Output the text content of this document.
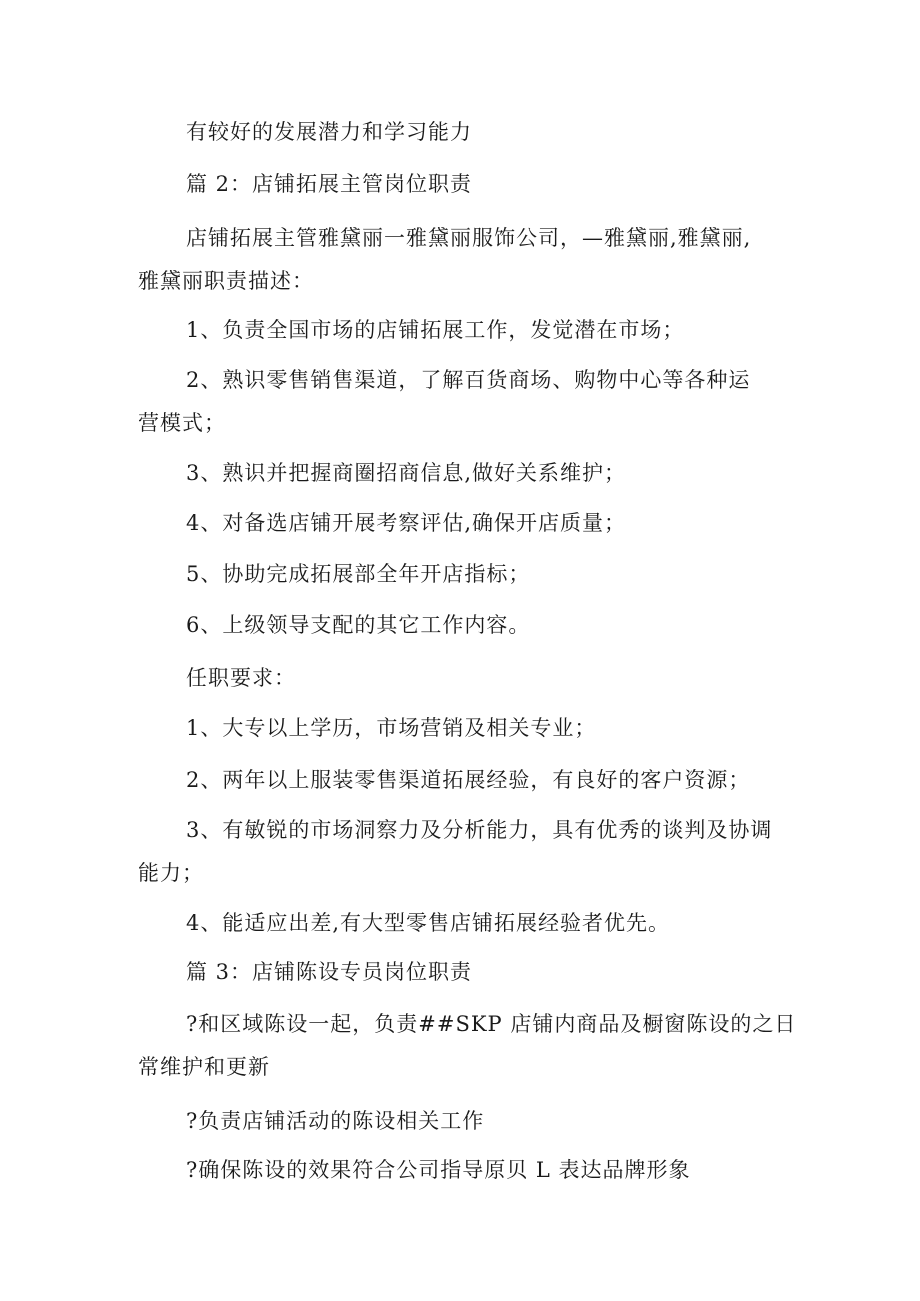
有较好的发展潜力和学习能力
篇 2：店铺拓展主管岗位职责
店铺拓展主管雅黛丽一雅黛丽服饰公司，—雅黛丽,雅黛丽,
雅黛丽职责描述：
1、负责全国市场的店铺拓展工作，发觉潜在市场；
2、熟识零售销售渠道，了解百货商场、购物中心等各种运
营模式；
3、熟识并把握商圈招商信息,做好关系维护；
4、对备选店铺开展考察评估,确保开店质量；
5、协助完成拓展部全年开店指标；
6、上级领导支配的其它工作内容。
任职要求：
1、大专以上学历，市场营销及相关专业；
2、两年以上服装零售渠道拓展经验，有良好的客户资源；
3、有敏锐的市场洞察力及分析能力，具有优秀的谈判及协调
能力；
4、能适应出差,有大型零售店铺拓展经验者优先。
篇 3：店铺陈设专员岗位职责
?和区域陈设一起，负责##SKP 店铺内商品及橱窗陈设的之日
常维护和更新
?负责店铺活动的陈设相关工作
?确保陈设的效果符合公司指导原贝 L 表达品牌形象
